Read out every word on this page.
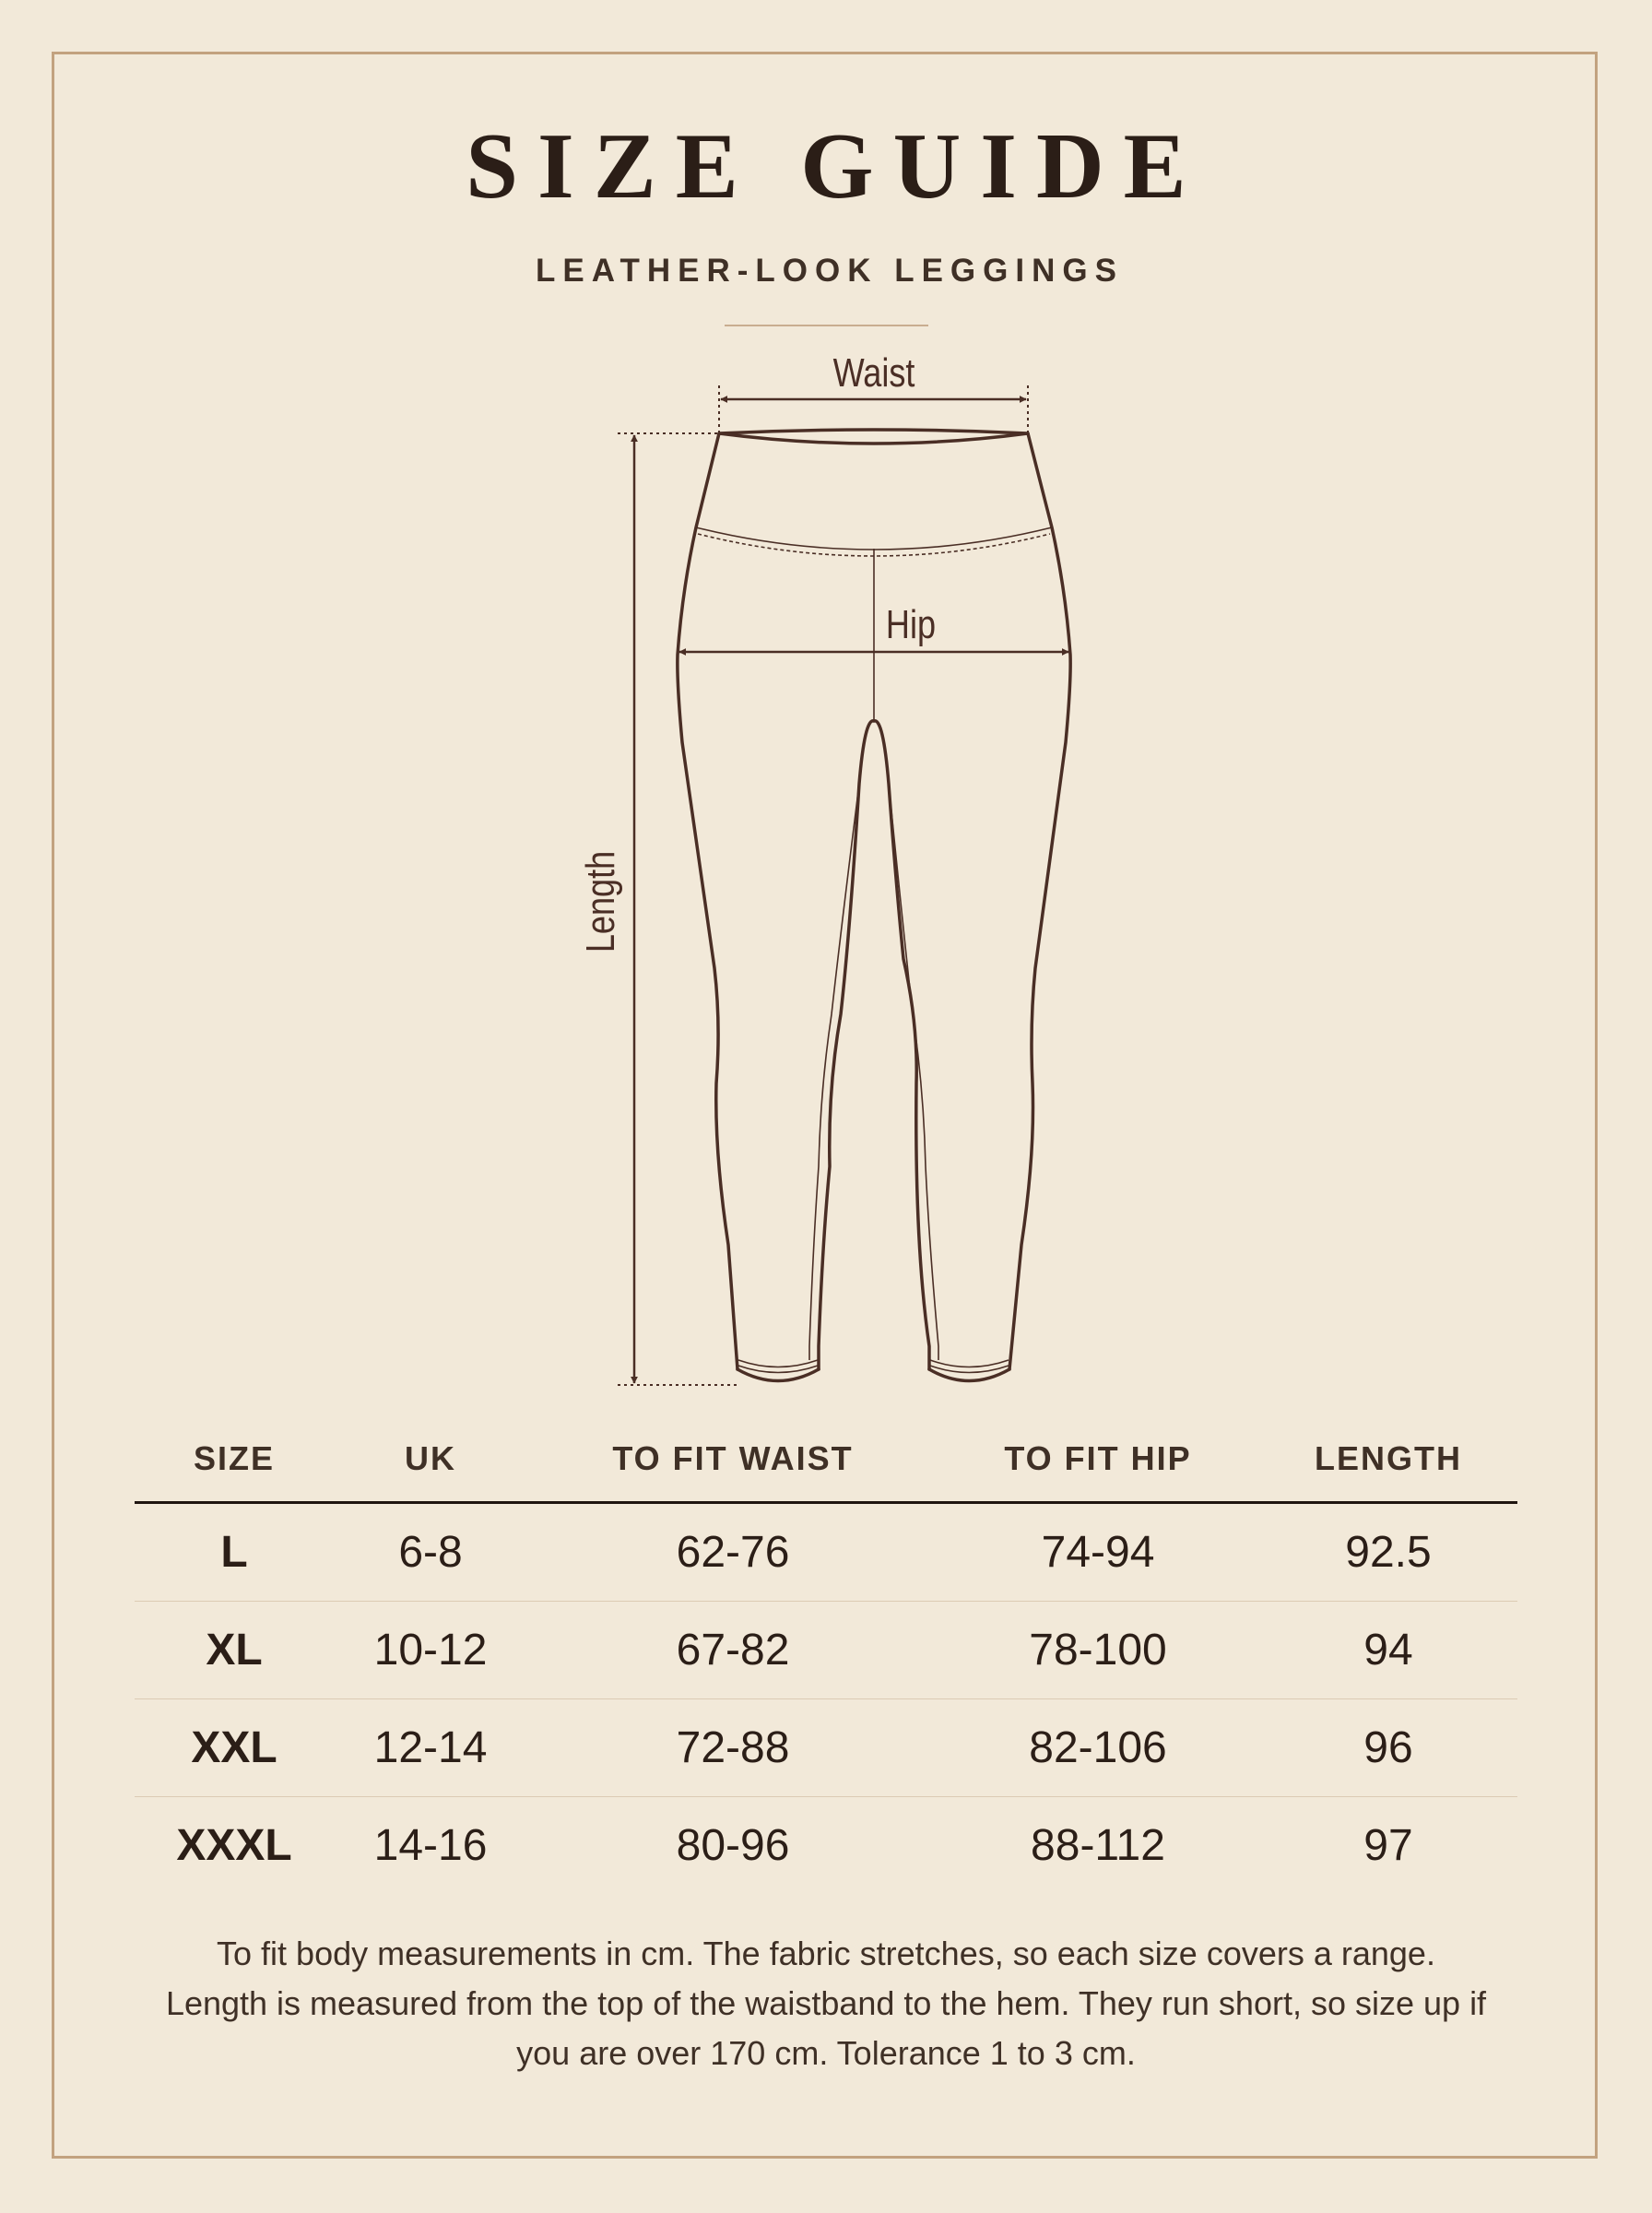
SIZE GUIDE
LEATHER-LOOK LEGGINGS
Waist
Hip
Length
SIZE	UK	TO FIT WAIST	TO FIT HIP	LENGTH
L	6-8	62-76	74-94	92.5
XL	10-12	67-82	78-100	94
XXL 12-14	72-88	82-106	96
XXXL 14-16	80-96	88-112	97

To fit body measurements in cm. The fabric stretches, so each size covers a range.

Length is measured from the top of the waistband to the hem. They run short, so size up if

you are over 170 cm. Tolerance 1 to 3 cm.
